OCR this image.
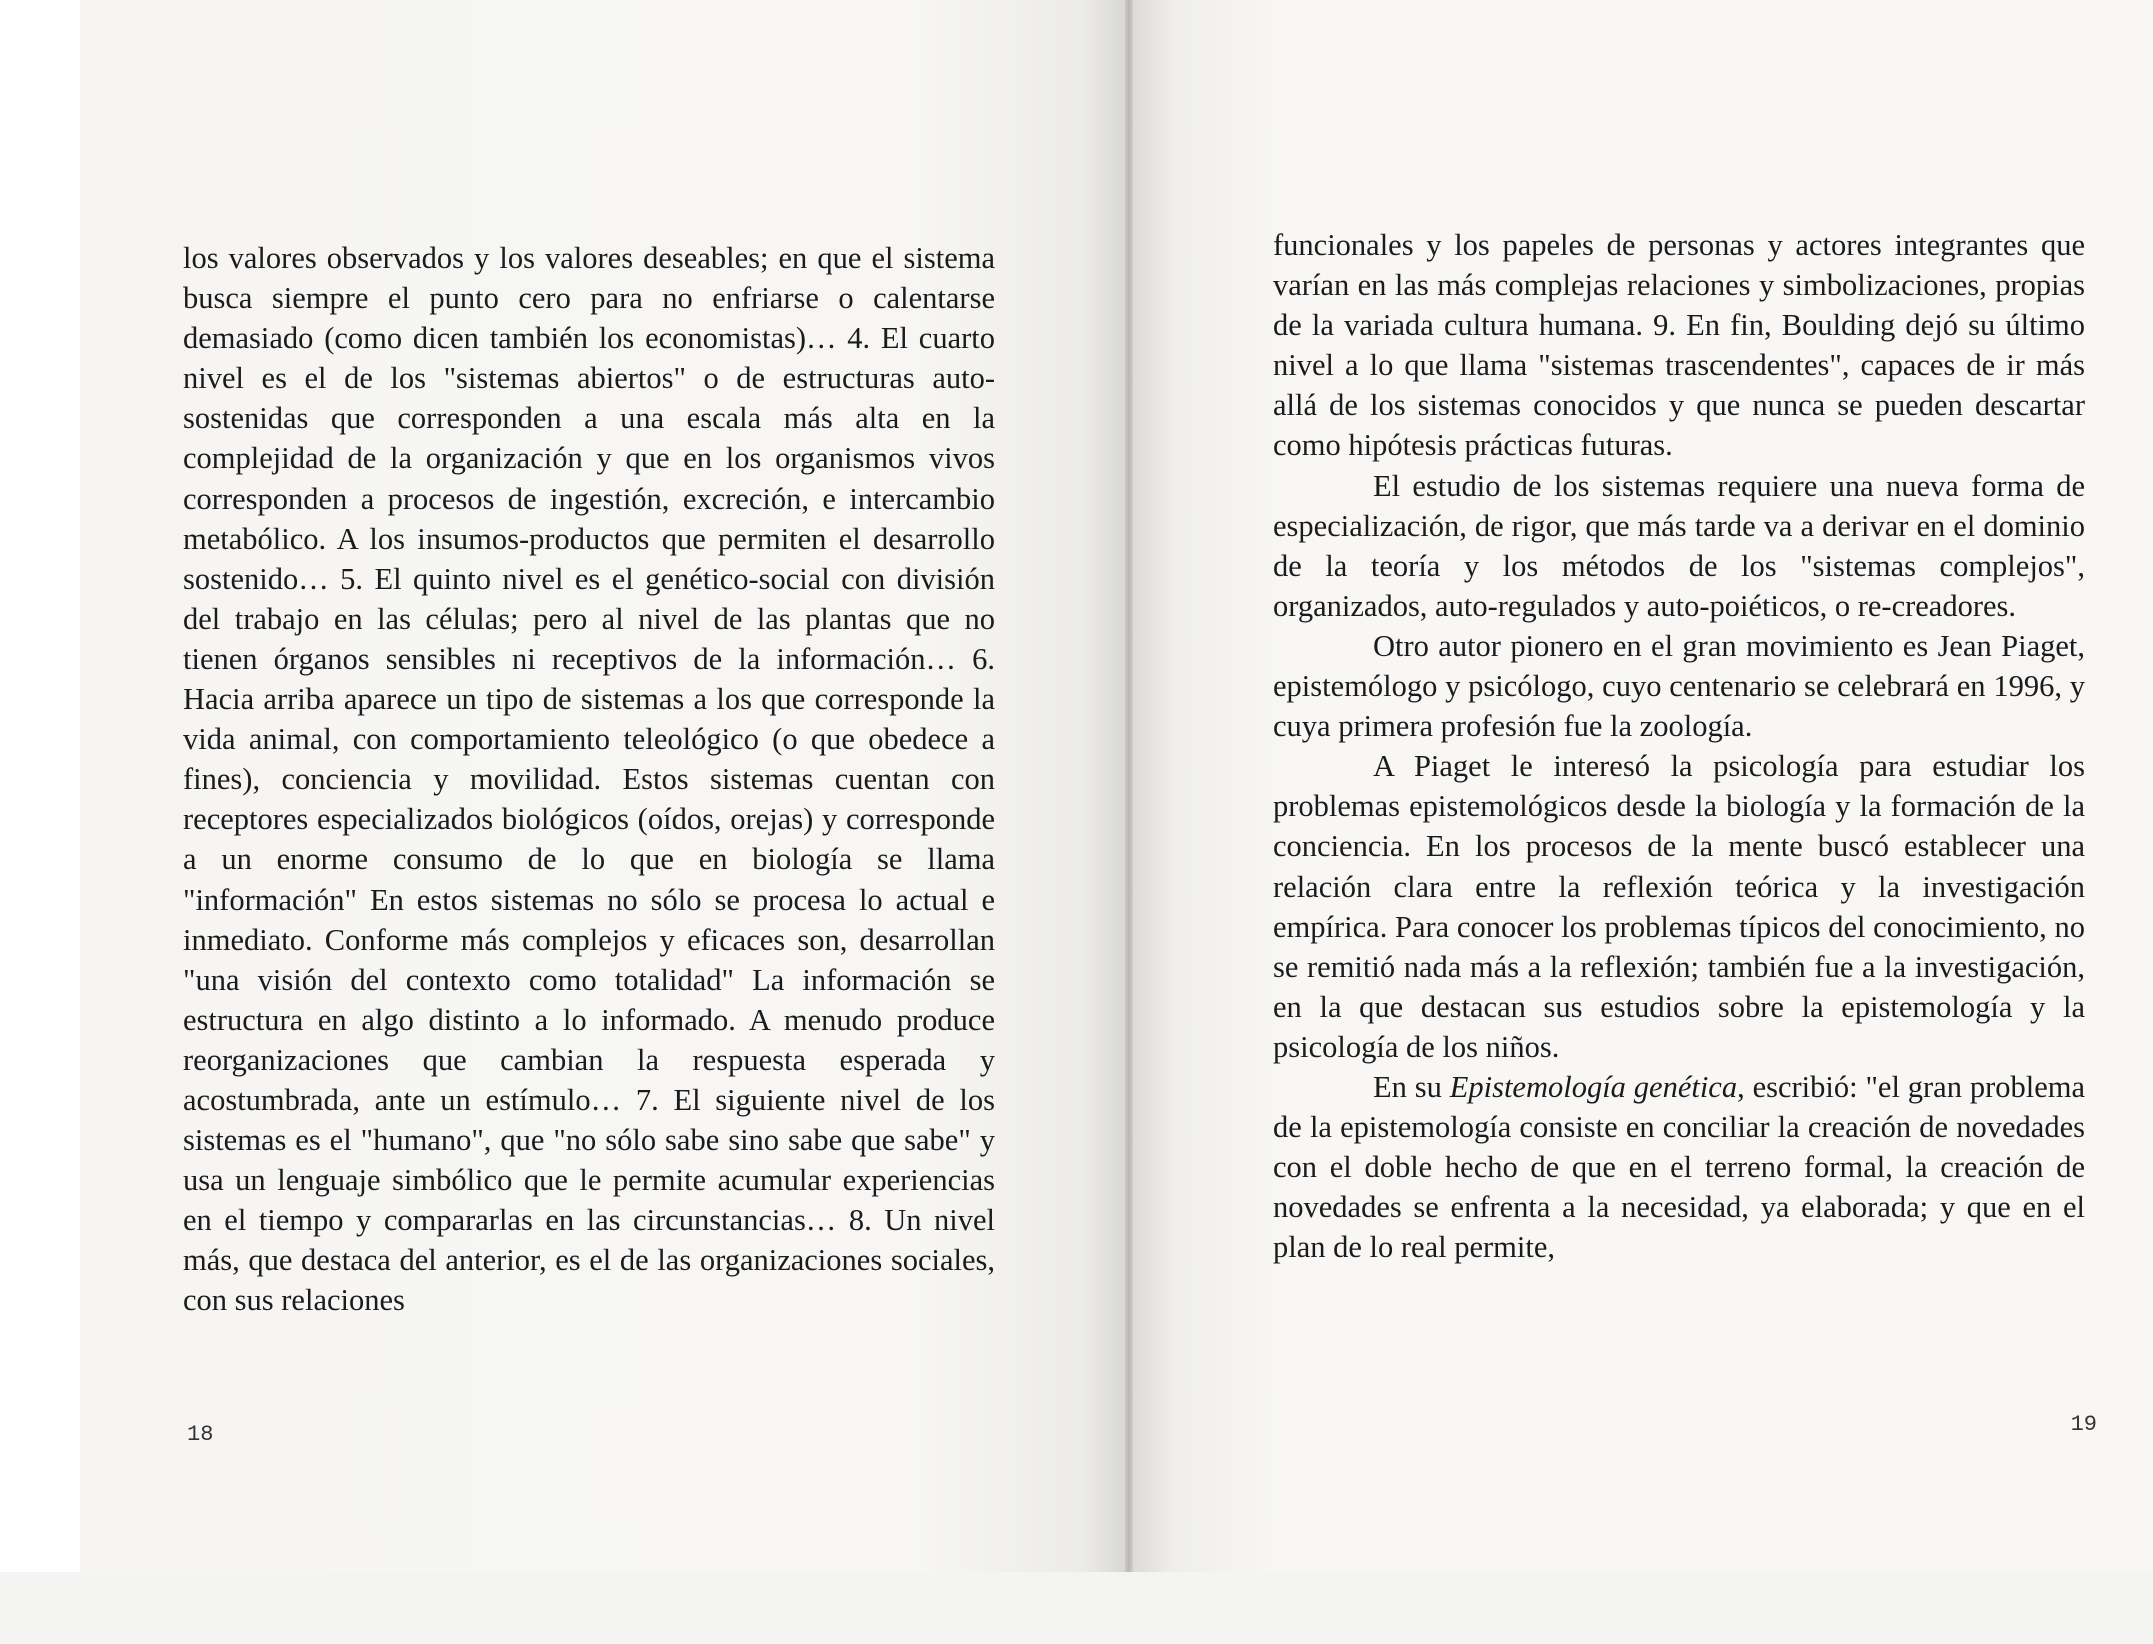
los valores observados y los valores deseables; en que el sistema busca siempre el punto cero para no enfriarse o calentarse demasiado (como dicen también los economistas)… 4. El cuarto nivel es el de los "sistemas abiertos" o de estructuras auto-sostenidas que corresponden a una escala más alta en la complejidad de la organización y que en los organismos vivos corresponden a procesos de ingestión, excreción, e intercambio metabólico. A los insumos-productos que permiten el desarrollo sostenido… 5. El quinto nivel es el genético-social con división del trabajo en las células; pero al nivel de las plantas que no tienen órganos sensibles ni receptivos de la información… 6. Hacia arriba aparece un tipo de sistemas a los que corresponde la vida animal, con comportamiento teleológico (o que obedece a fines), conciencia y movilidad. Estos sistemas cuentan con receptores especializados biológicos (oídos, orejas) y corresponde a un enorme consumo de lo que en biología se llama "información" En estos sistemas no sólo se procesa lo actual e inmediato. Conforme más complejos y eficaces son, desarrollan "una visión del contexto como totalidad" La información se estructura en algo distinto a lo informado. A menudo produce reorganizaciones que cambian la respuesta esperada y acostumbrada, ante un estímulo… 7. El siguiente nivel de los sistemas es el "humano", que "no sólo sabe sino sabe que sabe" y usa un lenguaje simbólico que le permite acumular experiencias en el tiempo y compararlas en las circunstancias… 8. Un nivel más, que destaca del anterior, es el de las organizaciones sociales, con sus relaciones

18

funcionales y los papeles de personas y actores integrantes que varían en las más complejas relaciones y simbolizaciones, propias de la variada cultura humana. 9. En fin, Boulding dejó su último nivel a lo que llama "sistemas trascendentes", capaces de ir más allá de los sistemas conocidos y que nunca se pueden descartar como hipótesis prácticas futuras.

El estudio de los sistemas requiere una nueva forma de especialización, de rigor, que más tarde va a derivar en el dominio de la teoría y los métodos de los "sistemas complejos", organizados, auto-regulados y auto-poiéticos, o re-creadores.

Otro autor pionero en el gran movimiento es Jean Piaget, epistemólogo y psicólogo, cuyo centenario se celebrará en 1996, y cuya primera profesión fue la zoología.

A Piaget le interesó la psicología para estudiar los problemas epistemológicos desde la biología y la formación de la conciencia. En los procesos de la mente buscó establecer una relación clara entre la reflexión teórica y la investigación empírica. Para conocer los problemas típicos del conocimiento, no se remitió nada más a la reflexión; también fue a la investigación, en la que destacan sus estudios sobre la epistemología y la psicología de los niños.

En su Epistemología genética, escribió: "el gran problema de la epistemología consiste en conciliar la creación de novedades con el doble hecho de que en el terreno formal, la creación de novedades se enfrenta a la necesidad, ya elaborada; y que en el plan de lo real permite,

19
